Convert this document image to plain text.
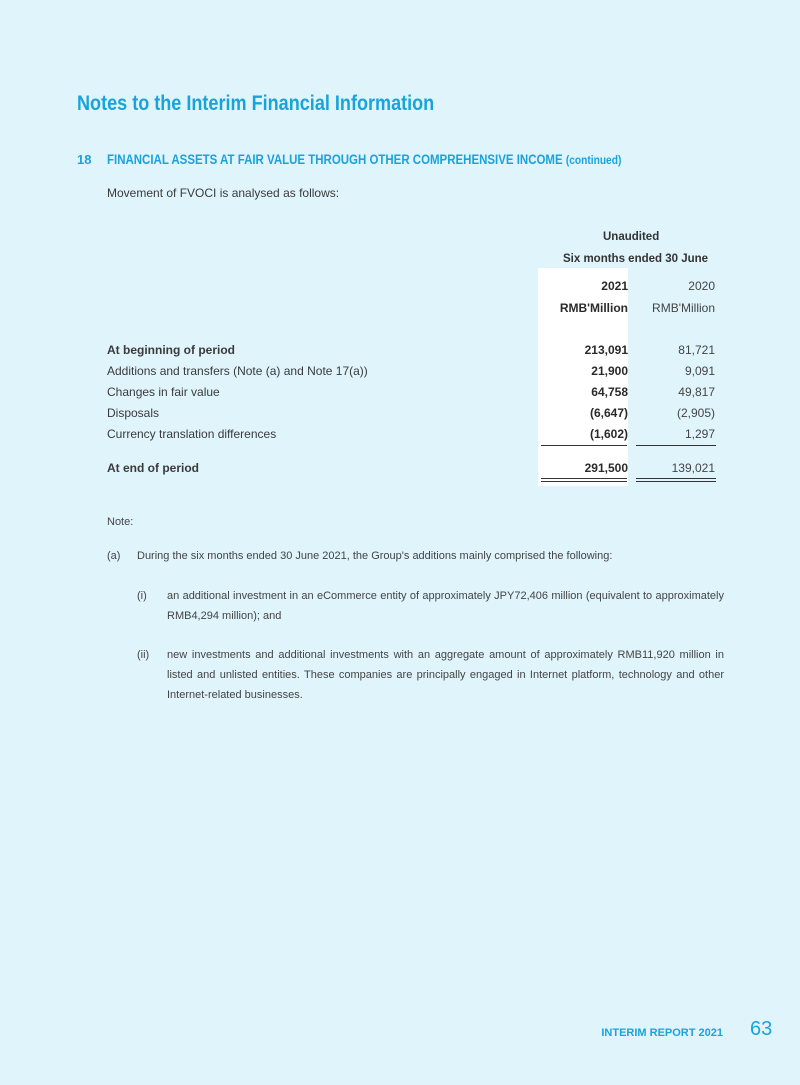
Notes to the Interim Financial Information
18 FINANCIAL ASSETS AT FAIR VALUE THROUGH OTHER COMPREHENSIVE INCOME (continued)
Movement of FVOCI is analysed as follows:
Unaudited
Six months ended 30 June
2021	2020
RMB'Million RMB'Million
At beginning of period	213,091	81,721
Additions and transfers (Note (a) and Note 17(a))	21,900	9,091
Changes in fair value	64,758	49,817
Disposals	(6,647)	(2,905)
Currency translation differences	(1,602)	1,297
At end of period	291,500	139,021
Note:
(a) During the six months ended 30 June 2021, the Group's additions mainly comprised the following:
(i) an additional investment in an eCommerce entity of approximately JPY72,406 million (equivalent to approximately RMB4,294 million); and
(ii) new investments and additional investments with an aggregate amount of approximately RMB11,920 million in listed and unlisted entities. These companies are principally engaged in Internet platform, technology and other Internet-related businesses.
INTERIM REPORT 2021 63
